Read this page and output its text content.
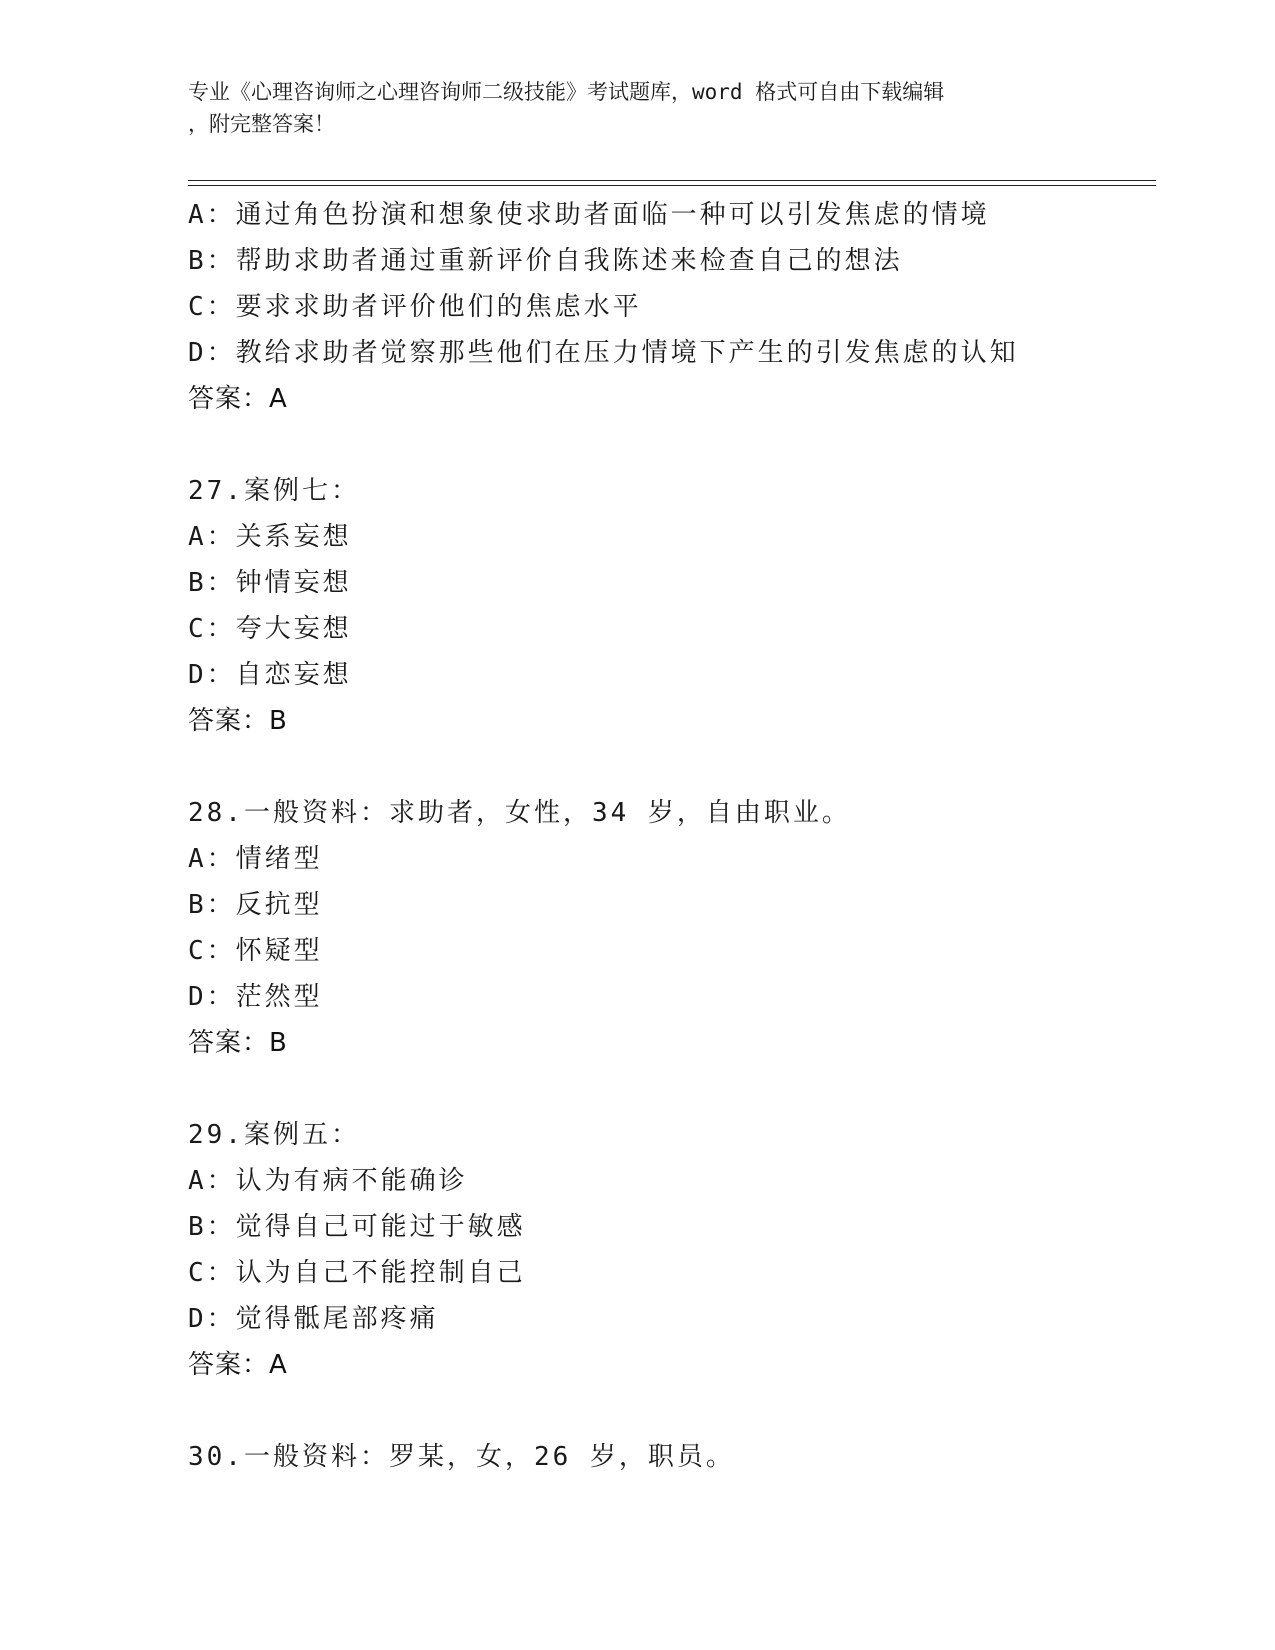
专业《心理咨询师之心理咨询师二级技能》考试题库，word 格式可自由下载编辑
，附完整答案！
A：通过角色扮演和想象使求助者面临一种可以引发焦虑的情境
B：帮助求助者通过重新评价自我陈述来检查自己的想法
C：要求求助者评价他们的焦虑水平
D：教给求助者觉察那些他们在压力情境下产生的引发焦虑的认知
答案：A
27.案例七：
A：关系妄想
B：钟情妄想
C：夸大妄想
D：自恋妄想
答案：B
28.一般资料：求助者，女性，34 岁，自由职业。
A：情绪型
B：反抗型
C：怀疑型
D：茫然型
答案：B
29.案例五：
A：认为有病不能确诊
B：觉得自己可能过于敏感
C：认为自己不能控制自己
D：觉得骶尾部疼痛
答案：A
30.一般资料：罗某，女，26 岁，职员。
